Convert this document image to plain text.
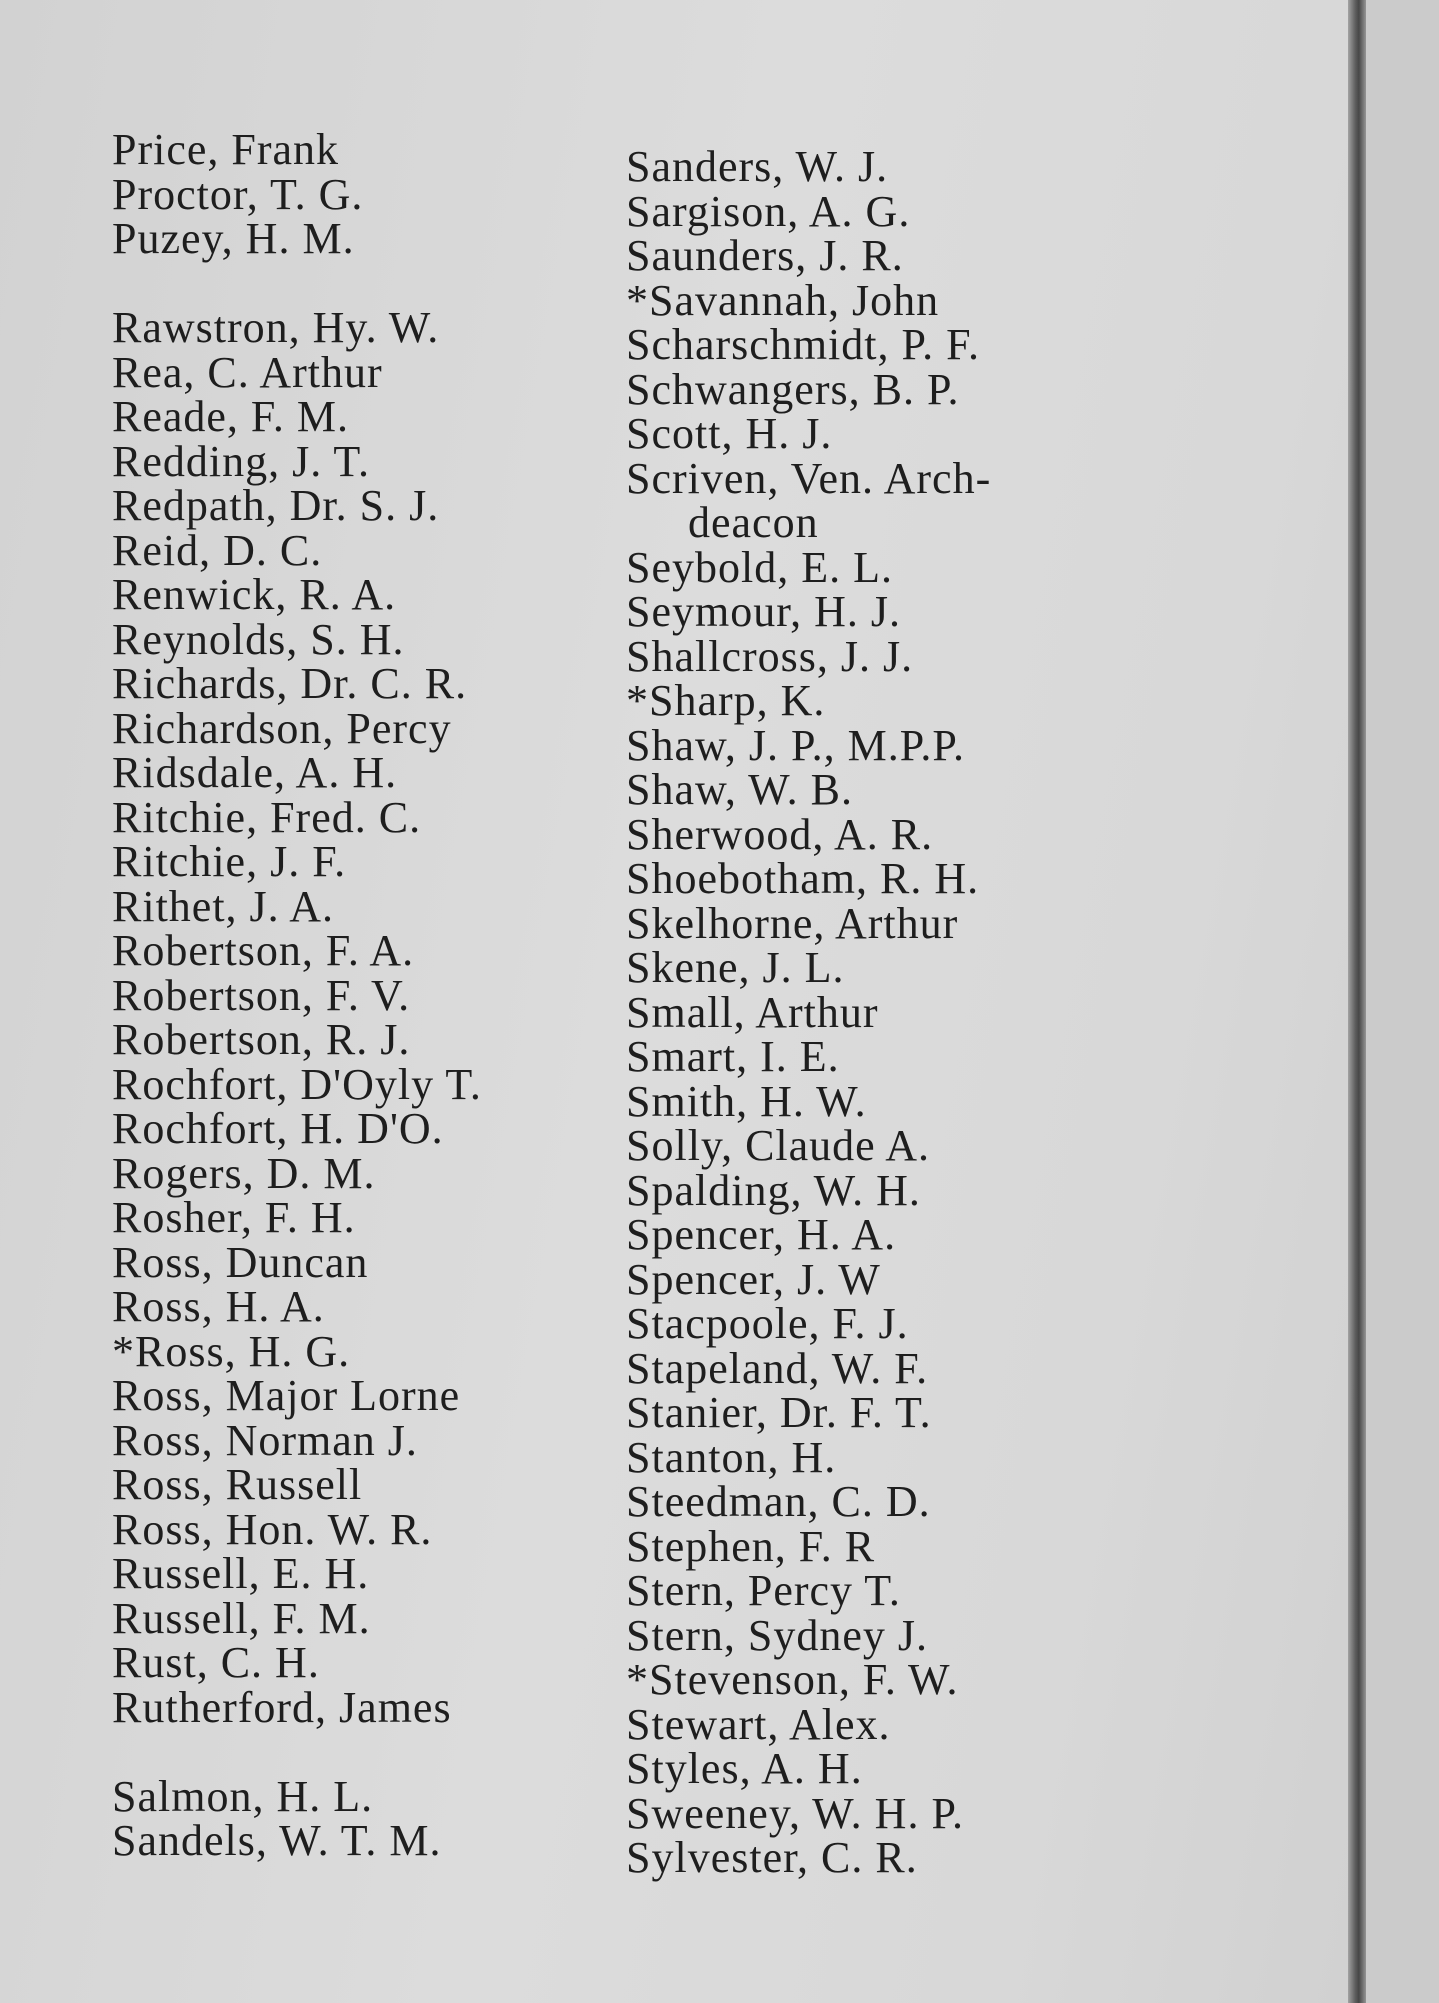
Price, Frank
Proctor, T. G.
Puzey, H. M.
Rawstron, Hy. W.
Rea, C. Arthur
Reade, F. M.
Redding, J. T.
Redpath, Dr. S. J.
Reid, D. C.
Renwick, R. A.
Reynolds, S. H.
Richards, Dr. C. R.
Richardson, Percy
Ridsdale, A. H.
Ritchie, Fred. C.
Ritchie, J. F.
Rithet, J. A.
Robertson, F. A.
Robertson, F. V.
Robertson, R. J.
Rochfort, D'Oyly T.
Rochfort, H. D'O.
Rogers, D. M.
Rosher, F. H.
Ross, Duncan
Ross, H. A.
*Ross, H. G.
Ross, Major Lorne
Ross, Norman J.
Ross, Russell
Ross, Hon. W. R.
Russell, E. H.
Russell, F. M.
Rust, C. H.
Rutherford, James
Salmon, H. L.
Sandels, W. T. M.
Sanders, W. J.
Sargison, A. G.
Saunders, J. R.
*Savannah, John
Scharschmidt, P. F.
Schwangers, B. P.
Scott, H. J.
Scriven, Ven. Arch-
deacon
Seybold, E. L.
Seymour, H. J.
Shallcross, J. J.
*Sharp, K.
Shaw, J. P., M.P.P.
Shaw, W. B.
Sherwood, A. R.
Shoebotham, R. H.
Skelhorne, Arthur
Skene, J. L.
Small, Arthur
Smart, I. E.
Smith, H. W.
Solly, Claude A.
Spalding, W. H.
Spencer, H. A.
Spencer, J. W
Stacpoole, F. J.
Stapeland, W. F.
Stanier, Dr. F. T.
Stanton, H.
Steedman, C. D.
Stephen, F. R
Stern, Percy T.
Stern, Sydney J.
*Stevenson, F. W.
Stewart, Alex.
Styles, A. H.
Sweeney, W. H. P.
Sylvester, C. R.
